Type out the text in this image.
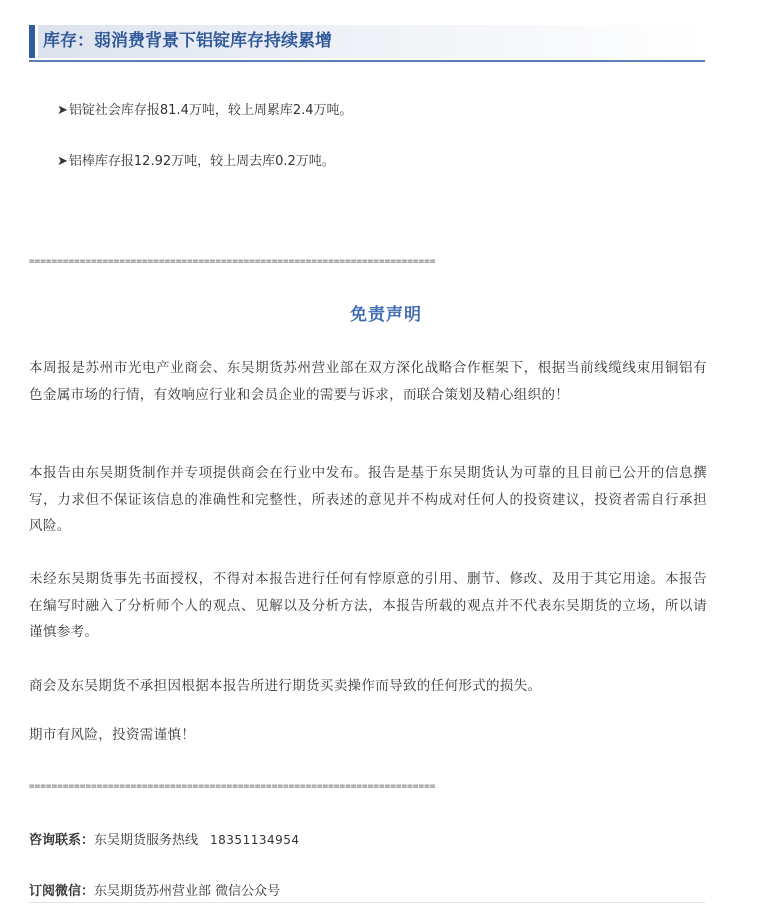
库存：弱消费背景下铝锭库存持续累增
➤铝锭社会库存报81.4万吨，较上周累库2.4万吨。
➤铝棒库存报12.92万吨，较上周去库0.2万吨。
========================================================================
免责声明
本周报是苏州市光电产业商会、东吴期货苏州营业部在双方深化战略合作框架下，根据当前线缆线束用铜铝有色金属市场的行情，有效响应行业和会员企业的需要与诉求，而联合策划及精心组织的！
本报告由东吴期货制作并专项提供商会在行业中发布。报告是基于东吴期货认为可靠的且目前已公开的信息撰写，力求但不保证该信息的准确性和完整性，所表述的意见并不构成对任何人的投资建议，投资者需自行承担风险。
未经东吴期货事先书面授权，不得对本报告进行任何有悖原意的引用、删节、修改、及用于其它用途。本报告在编写时融入了分析师个人的观点、见解以及分析方法，本报告所载的观点并不代表东吴期货的立场，所以请谨慎参考。
商会及东吴期货不承担因根据本报告所进行期货买卖操作而导致的任何形式的损失。
期市有风险，投资需谨慎！
========================================================================
咨询联系：东吴期货服务热线 18351134954
订阅微信：东吴期货苏州营业部 微信公众号
